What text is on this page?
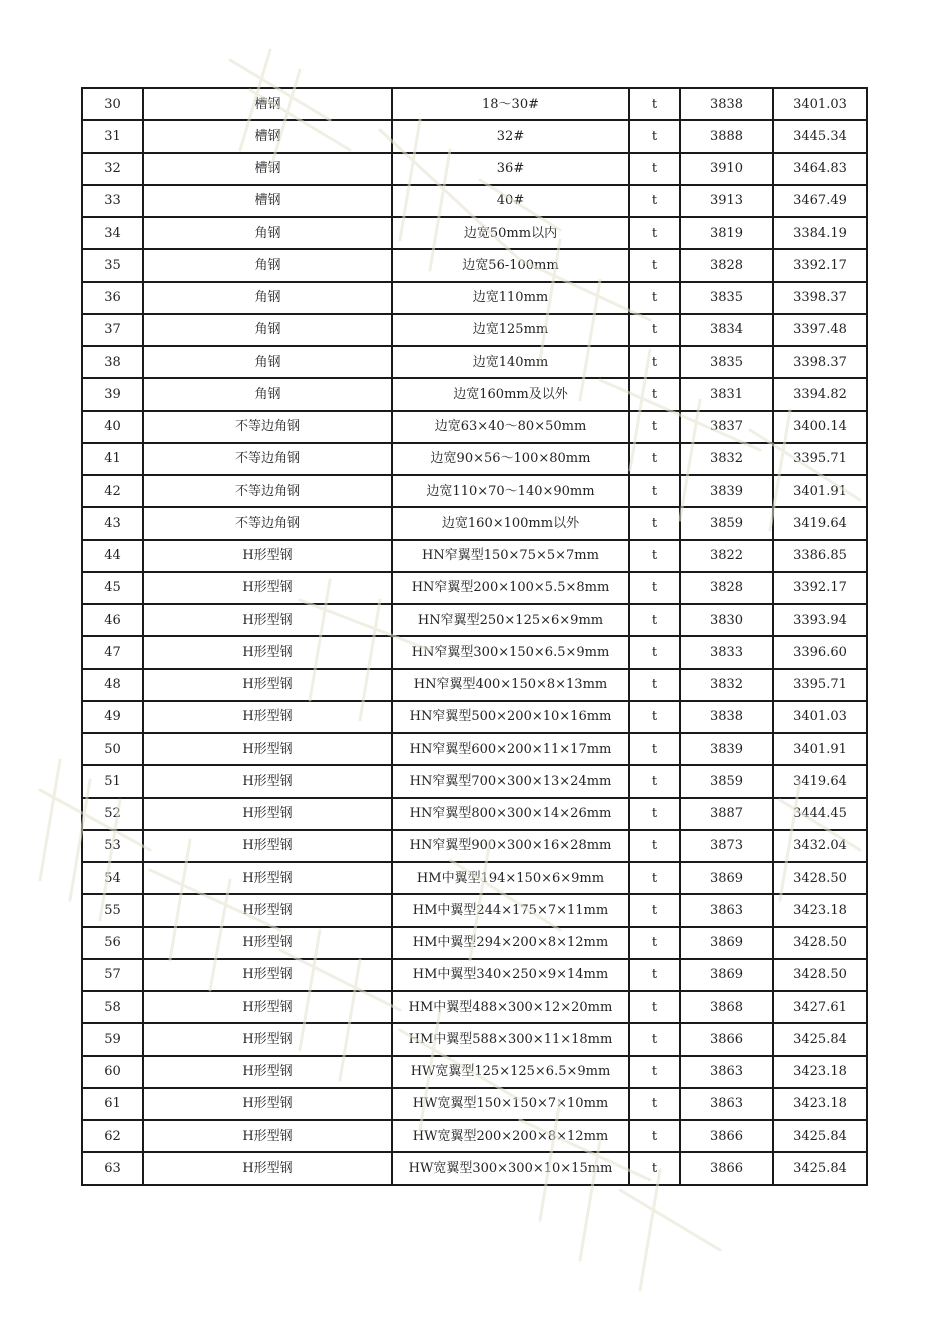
30	槽钢	18～30#	t	3838	3401.03
31	槽钢	32#	t	3888	3445.34
32	槽钢	36#	t	3910	3464.83
33	槽钢	40#	t	3913	3467.49
34	角钢	边宽50mm以内	t	3819	3384.19
35	角钢	边宽56-100mm	t	3828	3392.17
36	角钢	边宽110mm	t	3835	3398.37
37	角钢	边宽125mm	t	3834	3397.48
38	角钢	边宽140mm	t	3835	3398.37
39	角钢	边宽160mm及以外	t	3831	3394.82
40	不等边角钢	边宽63×40～80×50mm	t	3837	3400.14
41	不等边角钢	边宽90×56～100×80mm	t	3832	3395.71
42	不等边角钢	边宽110×70～140×90mm	t	3839	3401.91
43	不等边角钢	边宽160×100mm以外	t	3859	3419.64
44	H形型钢	HN窄翼型150×75×5×7mm	t	3822	3386.85
45	H形型钢	HN窄翼型200×100×5.5×8mm	t	3828	3392.17
46	H形型钢	HN窄翼型250×125×6×9mm	t	3830	3393.94
47	H形型钢	HN窄翼型300×150×6.5×9mm	t	3833	3396.60
48	H形型钢	HN窄翼型400×150×8×13mm	t	3832	3395.71
49	H形型钢	HN窄翼型500×200×10×16mm	t	3838	3401.03
50	H形型钢	HN窄翼型600×200×11×17mm	t	3839	3401.91
51	H形型钢	HN窄翼型700×300×13×24mm	t	3859	3419.64
52	H形型钢	HN窄翼型800×300×14×26mm	t	3887	3444.45
53	H形型钢	HN窄翼型900×300×16×28mm	t	3873	3432.04
54	H形型钢	HM中翼型194×150×6×9mm	t	3869	3428.50
55	H形型钢	HM中翼型244×175×7×11mm	t	3863	3423.18
56	H形型钢	HM中翼型294×200×8×12mm	t	3869	3428.50
57	H形型钢	HM中翼型340×250×9×14mm	t	3869	3428.50
58	H形型钢	HM中翼型488×300×12×20mm	t	3868	3427.61
59	H形型钢	HM中翼型588×300×11×18mm	t	3866	3425.84
60	H形型钢	HW宽翼型125×125×6.5×9mm	t	3863	3423.18
61	H形型钢	HW宽翼型150×150×7×10mm	t	3863	3423.18
62	H形型钢	HW宽翼型200×200×8×12mm	t	3866	3425.84
63	H形型钢	HW宽翼型300×300×10×15mm	t	3866	3425.84
